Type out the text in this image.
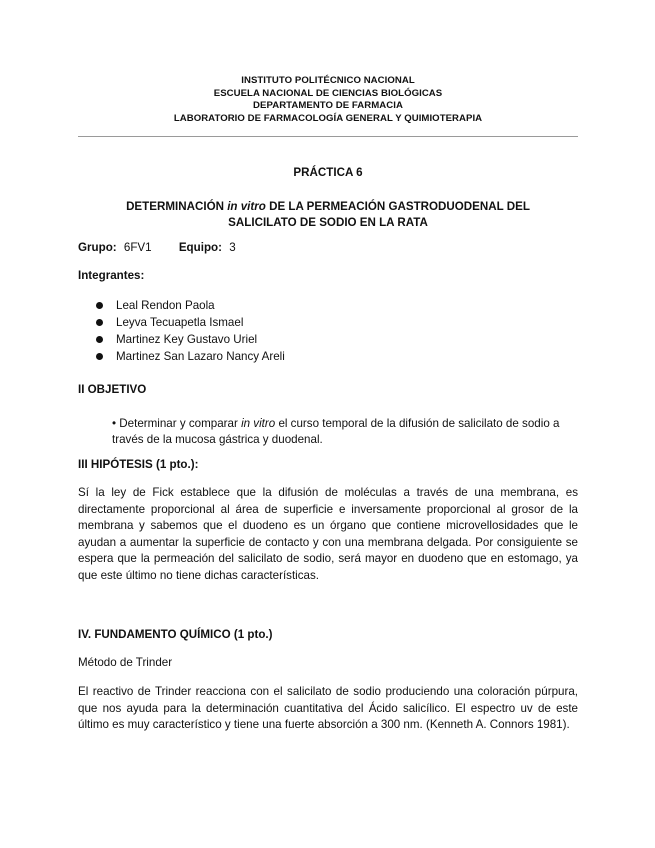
INSTITUTO POLITÉCNICO NACIONAL
ESCUELA NACIONAL DE CIENCIAS BIOLÓGICAS
DEPARTAMENTO DE FARMACIA
LABORATORIO DE FARMACOLOGÍA GENERAL Y QUIMIOTERAPIA
PRÁCTICA 6
DETERMINACIÓN in vitro DE LA PERMEACIÓN GASTRODUODENAL DEL
SALICILATO DE SODIO EN LA RATA
Grupo: 6FV1 Equipo: 3
Integrantes:
Leal Rendon Paola
Leyva Tecuapetla Ismael
Martinez Key Gustavo Uriel
Martinez San Lazaro Nancy Areli
II OBJETIVO
• Determinar y comparar in vitro el curso temporal de la difusión de salicilato de sodio a través de la mucosa gástrica y duodenal.
III HIPÓTESIS (1 pto.):
Sí la ley de Fick establece que la difusión de moléculas a través de una membrana, es directamente proporcional al área de superficie e inversamente proporcional al grosor de la membrana y sabemos que el duodeno es un órgano que contiene microvellosidades que le ayudan a aumentar la superficie de contacto y con una membrana delgada. Por consiguiente se espera que la permeación del salicilato de sodio, será mayor en duodeno que en estomago, ya que este último no tiene dichas características.
IV. FUNDAMENTO QUÍMICO (1 pto.)
Método de Trinder
El reactivo de Trinder reacciona con el salicilato de sodio produciendo una coloración púrpura, que nos ayuda para la determinación cuantitativa del Ácido salicílico. El espectro uv de este último es muy característico y tiene una fuerte absorción a 300 nm. (Kenneth A. Connors 1981).
